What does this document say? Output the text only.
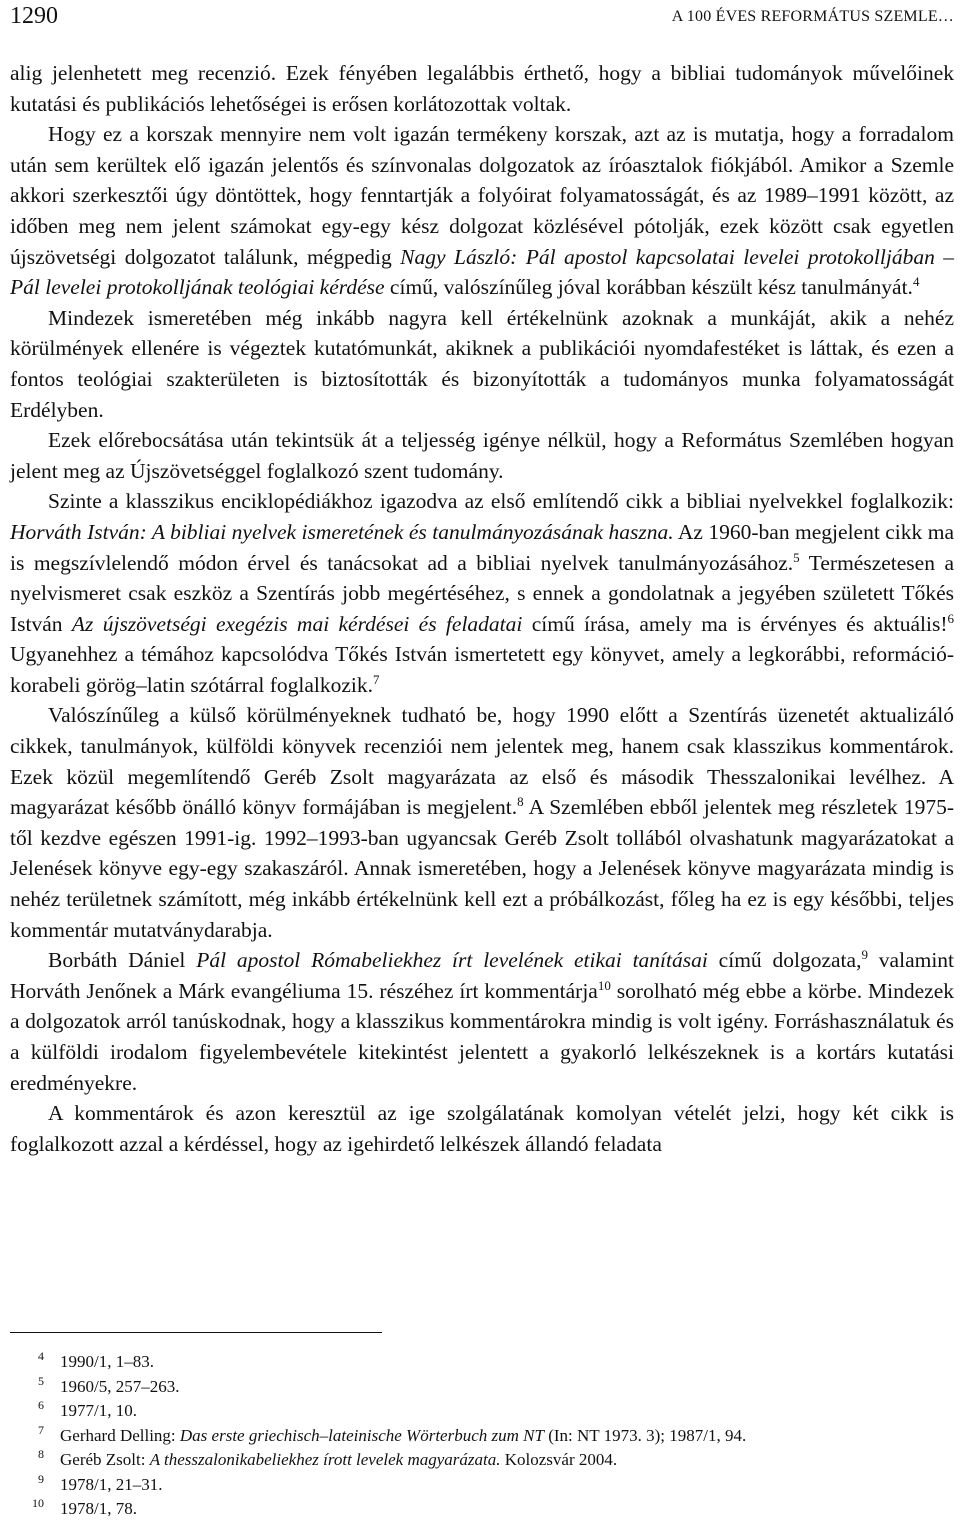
1290	A 100 ÉVES REFORMÁTUS SZEMLE…

alig jelenhetett meg recenzió. Ezek fényében legalábbis érthető, hogy a bibliai tudományok művelőinek kutatási és publikációs lehetőségei is erősen korlátozottak voltak.

Hogy ez a korszak mennyire nem volt igazán termékeny korszak, azt az is mutatja, hogy a forradalom után sem kerültek elő igazán jelentős és színvonalas dolgozatok az íróasztalok fiókjából. Amikor a Szemle akkori szerkesztői úgy döntöttek, hogy fenntartják a folyóirat folyamatosságát, és az 1989–1991 között, az időben meg nem jelent számokat egy-egy kész dolgozat közlésével pótolják, ezek között csak egyetlen újszövetségi dolgozatot találunk, mégpedig Nagy László: Pál apostol kapcsolatai levelei protokolljában – Pál levelei protokolljának teológiai kérdése című, valószínűleg jóval korábban készült kész tanulmányát.$^4$

Mindezek ismeretében még inkább nagyra kell értékelnünk azoknak a munkáját, akik a nehéz körülmények ellenére is végeztek kutatómunkát, akiknek a publikációi nyomdafestéket is láttak, és ezen a fontos teológiai szakterületen is biztosították és bizonyították a tudományos munka folyamatosságát Erdélyben.

Ezek előrebocsátása után tekintsük át a teljesség igénye nélkül, hogy a Református Szemlében hogyan jelent meg az Újszövetséggel foglalkozó szent tudomány.

Szinte a klasszikus enciklopédiákhoz igazodva az első említendő cikk a bibliai nyelvekkel foglalkozik: Horváth István: A bibliai nyelvek ismeretének és tanulmányozásának haszna. Az 1960-ban megjelent cikk ma is megszívlelendő módon érvel és tanácsokat ad a bibliai nyelvek tanulmányozásához.$^5$ Természetesen a nyelvismeret csak eszköz a Szentírás jobb megértéséhez, s ennek a gondolatnak a jegyében született Tőkés István Az újszövetségi exegézis mai kérdései és feladatai című írása, amely ma is érvényes és aktuális!$^6$ Ugyanehhez a témához kapcsolódva Tőkés István ismertetett egy könyvet, amely a legkorábbi, reformáció-korabeli görög–latin szótárral foglalkozik.$^7$

Valószínűleg a külső körülményeknek tudható be, hogy 1990 előtt a Szentírás üzenetét aktualizáló cikkek, tanulmányok, külföldi könyvek recenziói nem jelentek meg, hanem csak klasszikus kommentárok. Ezek közül megemlítendő Geréb Zsolt magyarázata az első és második Thesszalonikai levélhez. A magyarázat később önálló könyv formájában is megjelent.$^8$ A Szemlében ebből jelentek meg részletek 1975-től kezdve egészen 1991-ig. 1992–1993-ban ugyancsak Geréb Zsolt tollából olvashatunk magyarázatokat a Jelenések könyve egy-egy szakaszáról. Annak ismeretében, hogy a Jelenések könyve magyarázata mindig is nehéz területnek számított, még inkább értékelnünk kell ezt a próbálkozást, főleg ha ez is egy későbbi, teljes kommentár mutatványdarabja.

Borbáth Dániel Pál apostol Rómabeliekhez írt levelének etikai tanításai című dolgozata,$^9$ valamint Horváth Jenőnek a Márk evangéliuma 15. részéhez írt kommentárja$^{10}$ sorolható még ebbe a körbe. Mindezek a dolgozatok arról tanúskodnak, hogy a klasszikus kommentárokra mindig is volt igény. Forráshasználatuk és a külföldi irodalom figyelembevétele kitekintést jelentett a gyakorló lelkészeknek is a kortárs kutatási eredményekre.

A kommentárok és azon keresztül az ige szolgálatának komolyan vételét jelzi, hogy két cikk is foglalkozott azzal a kérdéssel, hogy az igehirdető lelkészek állandó feladata

4 1990/1, 1–83.
5 1960/5, 257–263.
6 1977/1, 10.
7 Gerhard Delling: Das erste griechisch–lateinische Wörterbuch zum NT (In: NT 1973. 3); 1987/1, 94.
8 Geréb Zsolt: A thesszalonikabeliekhez írott levelek magyarázata. Kolozsvár 2004.
9 1978/1, 21–31.
10 1978/1, 78.
